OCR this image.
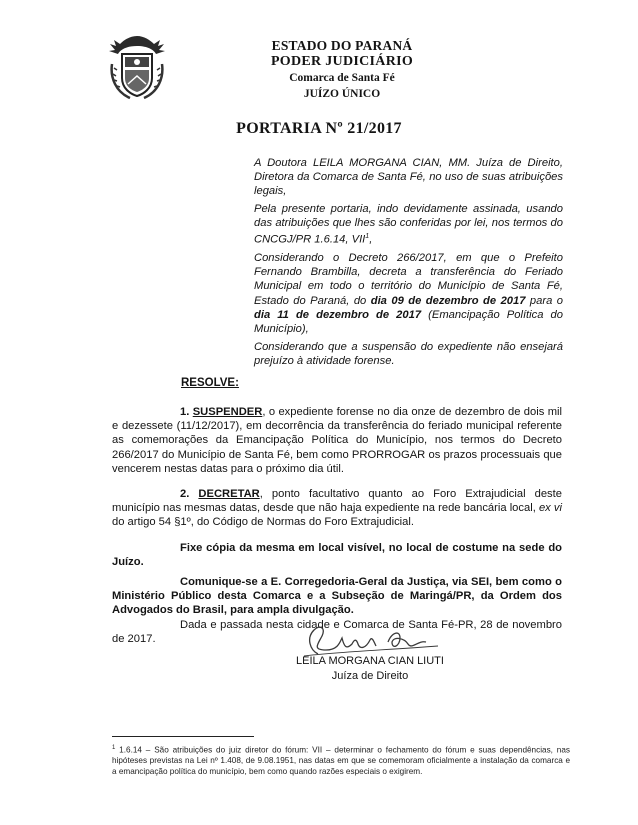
ESTADO DO PARANÁ
PODER JUDICIÁRIO
Comarca de Santa Fé
JUÍZO ÚNICO
PORTARIA Nº 21/2017

A Doutora LEILA MORGANA CIAN, MM. Juíza de Direito, Diretora da Comarca de Santa Fé, no uso de suas atribuições legais,

Pela presente portaria, indo devidamente assinada, usando das atribuições que lhes são conferidas por lei, nos termos do CNCGJ/PR 1.6.14, VII$^1$,

Considerando o Decreto 266/2017, em que o Prefeito Fernando Brambilla, decreta a transferência do Feriado Municipal em todo o território do Município de Santa Fé, Estado do Paraná, do dia 09 de dezembro de 2017 para o dia 11 de dezembro de 2017 (Emancipação Política do Município),

Considerando que a suspensão do expediente não ensejará prejuízo à atividade forense.

RESOLVE:

1. SUSPENDER, o expediente forense no dia onze de dezembro de dois mil e dezessete (11/12/2017), em decorrência da transferência do feriado municipal referente as comemorações da Emancipação Política do Município, nos termos do Decreto 266/2017 do Município de Santa Fé, bem como PRORROGAR os prazos processuais que vencerem nestas datas para o próximo dia útil.

2. DECRETAR, ponto facultativo quanto ao Foro Extrajudicial deste município nas mesmas datas, desde que não haja expediente na rede bancária local, ex vi do artigo 54 §1º, do Código de Normas do Foro Extrajudicial.

Fixe cópia da mesma em local visível, no local de costume na sede do Juízo.

Comunique-se a E. Corregedoria-Geral da Justiça, via SEI, bem como o Ministério Público desta Comarca e a Subseção de Maringá/PR, da Ordem dos Advogados do Brasil, para ampla divulgação.

Dada e passada nesta cidade e Comarca de Santa Fé-PR, 28 de novembro de 2017.

LEILA MORGANA CIAN LIUTI
Juíza de Direito
$^1$ 1.6.14 – São atribuições do juiz diretor do fórum: VII – determinar o fechamento do fórum e suas dependências, nas hipóteses previstas na Lei nº 1.408, de 9.08.1951, nas datas em que se comemoram oficialmente a instalação da comarca e a emancipação política do município, bem como quando razões especiais o exigirem.
